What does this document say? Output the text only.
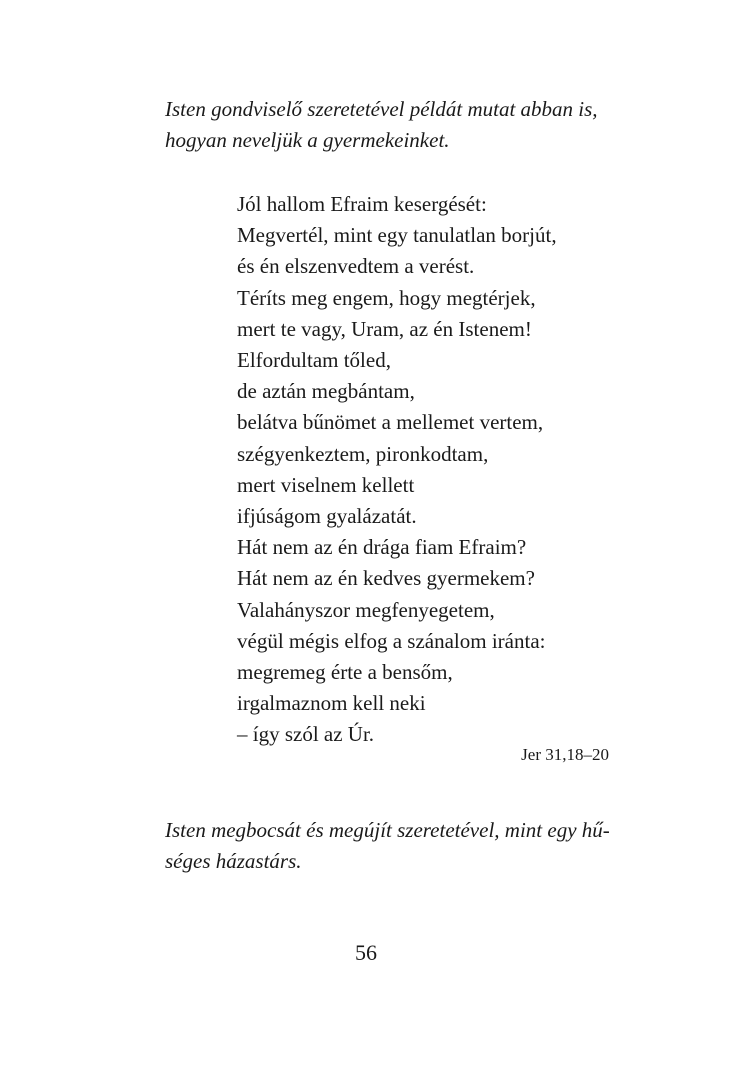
Isten gondviselő szeretetével példát mutat abban is,
hogyan neveljük a gyermekeinket.

Jól hallom Efraim kesergését:
Megvertél, mint egy tanulatlan borjút,
és én elszenvedtem a verést.
Téríts meg engem, hogy megtérjek,
mert te vagy, Uram, az én Istenem!
Elfordultam tőled,
de aztán megbántam,
belátva bűnömet a mellemet vertem,
szégyenkeztem, pironkodtam,
mert viselnem kellett
ifjúságom gyalázatát.
Hát nem az én drága fiam Efraim?
Hát nem az én kedves gyermekem?
Valahányszor megfenyegetem,
végül mégis elfog a szánalom iránta:
megremeg érte a bensőm,
irgalmaznom kell neki
– így szól az Úr.
Jer 31,18–20

Isten megbocsát és megújít szeretetével, mint egy hű-
séges házastárs.

56
